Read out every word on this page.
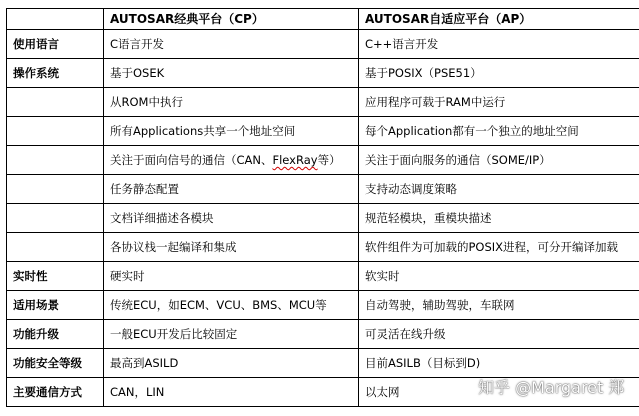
	AUTOSAR经典平台（CP）	AUTOSAR自适应平台（AP）
使用语言	C语言开发	C++语言开发
操作系统	基于OSEK	基于POSIX（PSE51）
	从ROM中执行	应用程序可载于RAM中运行
	所有Applications共享一个地址空间	每个Application都有一个独立的地址空间
	关注于面向信号的通信（CAN、FlexRay等）	关注于面向服务的通信（SOME/IP）
	任务静态配置	支持动态调度策略
	文档详细描述各模块	规范轻模块，重模块描述
	各协议栈一起编译和集成	软件组件为可加载的POSIX进程，可分开编译加载
实时性	硬实时	软实时
适用场景	传统ECU，如ECM、VCU、BMS、MCU等	自动驾驶，辅助驾驶，车联网
功能升级	一般ECU开发后比较固定	可灵活在线升级
功能安全等级	最高到ASILD	目前ASILB（目标到D)
主要通信方式	CAN，LIN	以太网	知乎 @Margaret 郑
